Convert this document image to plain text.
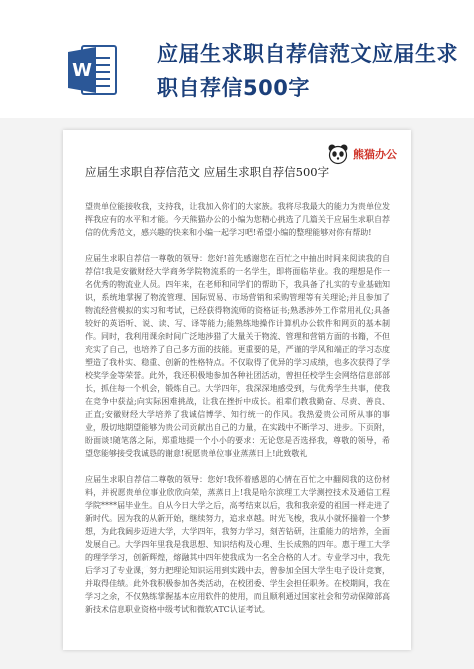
W
应届生求职自荐信范文应届生求职自荐信500字
⬚ ⬚ ⬚ ⬚
⬚ ⬚ ⬚ ⬚
⬚ ⬚ ⬚ ⬚
熊猫办公
应届生求职自荐信范文 应届生求职自荐信500字

望贵单位能接收我，支持我，让我加入你们的大家族。我将尽我最大的能力为贵单位发挥我应有的水平和才能。今天熊猫办公的小编为您精心挑选了几篇关于应届生求职自荐信的优秀范文，感兴趣的快来和小编一起学习吧!希望小编的整理能够对你有帮助!

应届生求职自荐信一尊敬的领导：您好!首先感谢您在百忙之中抽出时间来阅读我的自荐信!我是安徽财经大学商务学院物流系的一名学生，即将面临毕业。我的理想是作一名优秀的物流业人员。四年来，在老师和同学们的帮助下，我具备了扎实的专业基础知识，系统地掌握了物流管理、国际贸易、市场营销和采购管理等有关理论;并且参加了物流经营模拟的实习和考试，已经获得物流师的资格证书;熟悉涉外工作常用礼仪;具备较好的英语听、说、读、写、译等能力;能熟练地操作计算机办公软件和网页的基本制作。同时，我利用课余时间广泛地涉猎了大量关于物流、管理和营销方面的书籍，不但充实了自己，也培养了自己多方面的技能。更重要的是，严谨的学风和端正的学习态度塑造了我朴实、稳重、创新的性格特点。不仅取得了优异的学习成绩，也多次获得了学校奖学金等荣誉。此外，我还积极地参加各种社团活动，曾担任校学生会网络信息部部长，抓住每一个机会，锻炼自己。大学四年，我深深地感受到，与优秀学生共事，使我在竞争中获益;向实际困难挑战，让我在挫折中成长。祖辈们教我勤奋、尽责、善良、正直;安徽财经大学培养了我诚信博学、知行统一的作风。我热爱贵公司所从事的事业，殷切地期望能够为贵公司贡献出自己的力量，在实践中不断学习、进步。下页附，盼面谈!随笔落之际，郑重地提一个小小的要求：无论您是否选择我，尊敬的领导，希望您能够接受我诚恳的谢意!祝愿贵单位事业蒸蒸日上!此致敬礼

应届生求职自荐信二尊敬的领导：您好!我怀着感恩的心情在百忙之中翻阅我的这份材料，并祝愿贵单位事业欣欣向荣，蒸蒸日上!我是哈尔滨理工大学测控技术及通信工程学院****届毕业生。自从今日大学之后，高考结束以后，我和我亲爱的祖国一样走进了新时代。因为我的从新开始，继续努力，追求卓越。时光飞梭，我从小就怀揣着一个梦想，为此我阔步迈进大学，大学四年，我努力学习，刻苦钻研，注重能力的培养，全面发展自己。大学四年里我是我思想、知识结构及心理、生长成熟的四年。惠于理工大学的理学学习，创新辉煌，熔融其中四年使我成为一名全合格的人才。专业学习中，我先后学习了专业课，努力把理论知识运用到实践中去，曾参加全国大学生电子设计竞赛，并取得佳绩。此外我积极参加各类活动，在校团委、学生会担任职务。在校期间，我在学习之余，不仅熟练掌握基本应用软件的使用，而且顺利通过国家社会和劳动保障部高新技术信息职业资格中级考试和微软ATC认证考试。
